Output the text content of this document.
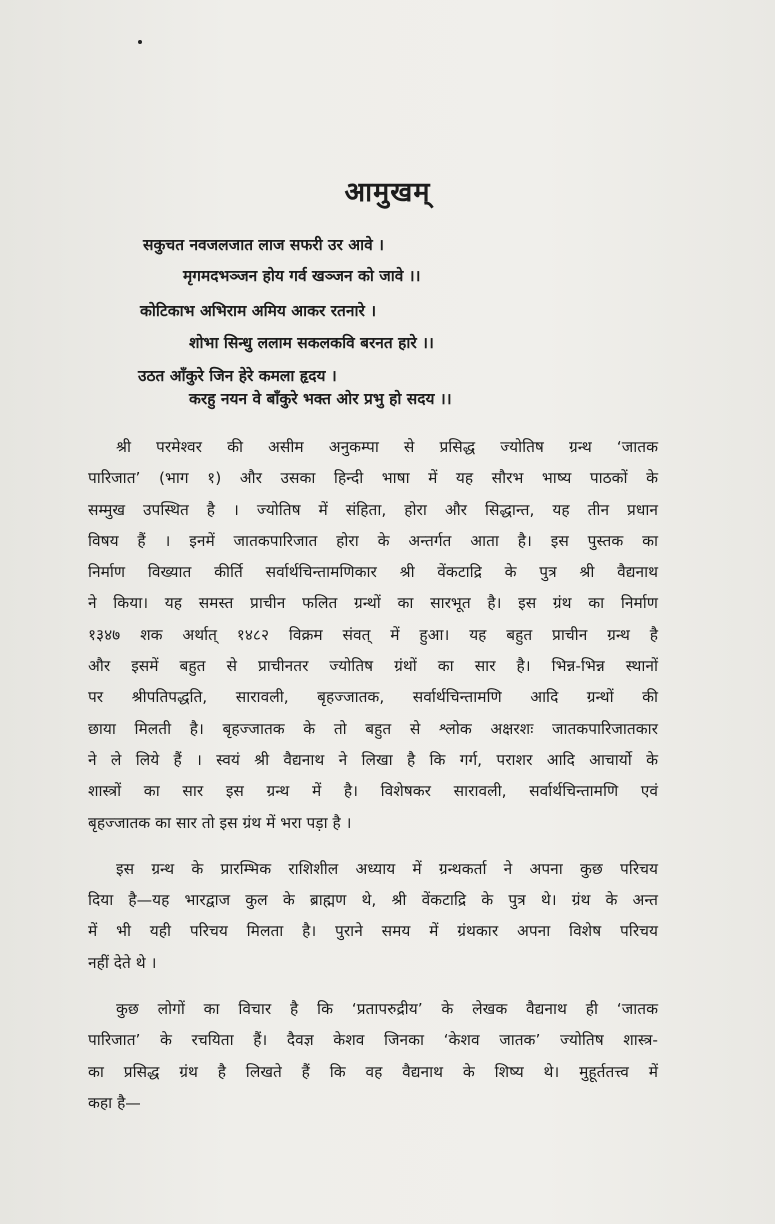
आमुखम्
सकुचत नवजलजात लाज सफरी उर आवे ।
मृगमदभञ्जन होय गर्व खञ्जन को जावे ।।
कोटिकाभ अभिराम अमिय आकर रतनारे ।
शोभा सिन्धु ललाम सकलकवि बरनत हारे ।।
उठत आँकुरे जिन हेरे कमला हृदय ।
करहु नयन वे बाँकुरे भक्त ओर प्रभु हो सदय ।।

श्री परमेश्वर की असीम अनुकम्पा से प्रसिद्ध ज्योतिष ग्रन्थ ‘जातक

पारिजात’ (भाग १) और उसका हिन्दी भाषा में यह सौरभ भाष्य पाठकों के

सम्मुख उपस्थित है । ज्योतिष में संहिता, होरा और सिद्धान्त, यह तीन प्रधान

विषय हैं । इनमें जातकपारिजात होरा के अन्तर्गत आता है। इस पुस्तक का

निर्माण विख्यात कीर्ति सर्वार्थचिन्तामणिकार श्री वेंकटाद्रि के पुत्र श्री वैद्यनाथ

ने किया। यह समस्त प्राचीन फलित ग्रन्थों का सारभूत है। इस ग्रंथ का निर्माण

१३४७ शक अर्थात् १४८२ विक्रम संवत् में हुआ। यह बहुत प्राचीन ग्रन्थ है

और इसमें बहुत से प्राचीनतर ज्योतिष ग्रंथों का सार है। भिन्न-भिन्न स्थानों

पर श्रीपतिपद्धति, सारावली, बृहज्जातक, सर्वार्थचिन्तामणि आदि ग्रन्थों की

छाया मिलती है। बृहज्जातक के तो बहुत से श्लोक अक्षरशः जातकपारिजातकार

ने ले लिये हैं । स्वयं श्री वैद्यनाथ ने लिखा है कि गर्ग, पराशर आदि आचार्यो के

शास्त्रों का सार इस ग्रन्थ में है। विशेषकर सारावली, सर्वार्थचिन्तामणि एवं

बृहज्जातक का सार तो इस ग्रंथ में भरा पड़ा है ।

इस ग्रन्थ के प्रारम्भिक राशिशील अध्याय में ग्रन्थकर्ता ने अपना कुछ परिचय

दिया है—यह भारद्वाज कुल के ब्राह्मण थे, श्री वेंकटाद्रि के पुत्र थे। ग्रंथ के अन्त

में भी यही परिचय मिलता है। पुराने समय में ग्रंथकार अपना विशेष परिचय

नहीं देते थे ।

कुछ लोगों का विचार है कि ‘प्रतापरुद्रीय’ के लेखक वैद्यनाथ ही ‘जातक

पारिजात’ के रचयिता हैं। दैवज्ञ केशव जिनका ‘केशव जातक’ ज्योतिष शास्त्र-

का प्रसिद्ध ग्रंथ है लिखते हैं कि वह वैद्यनाथ के शिष्य थे। मुहूर्ततत्त्व में

कहा है—
